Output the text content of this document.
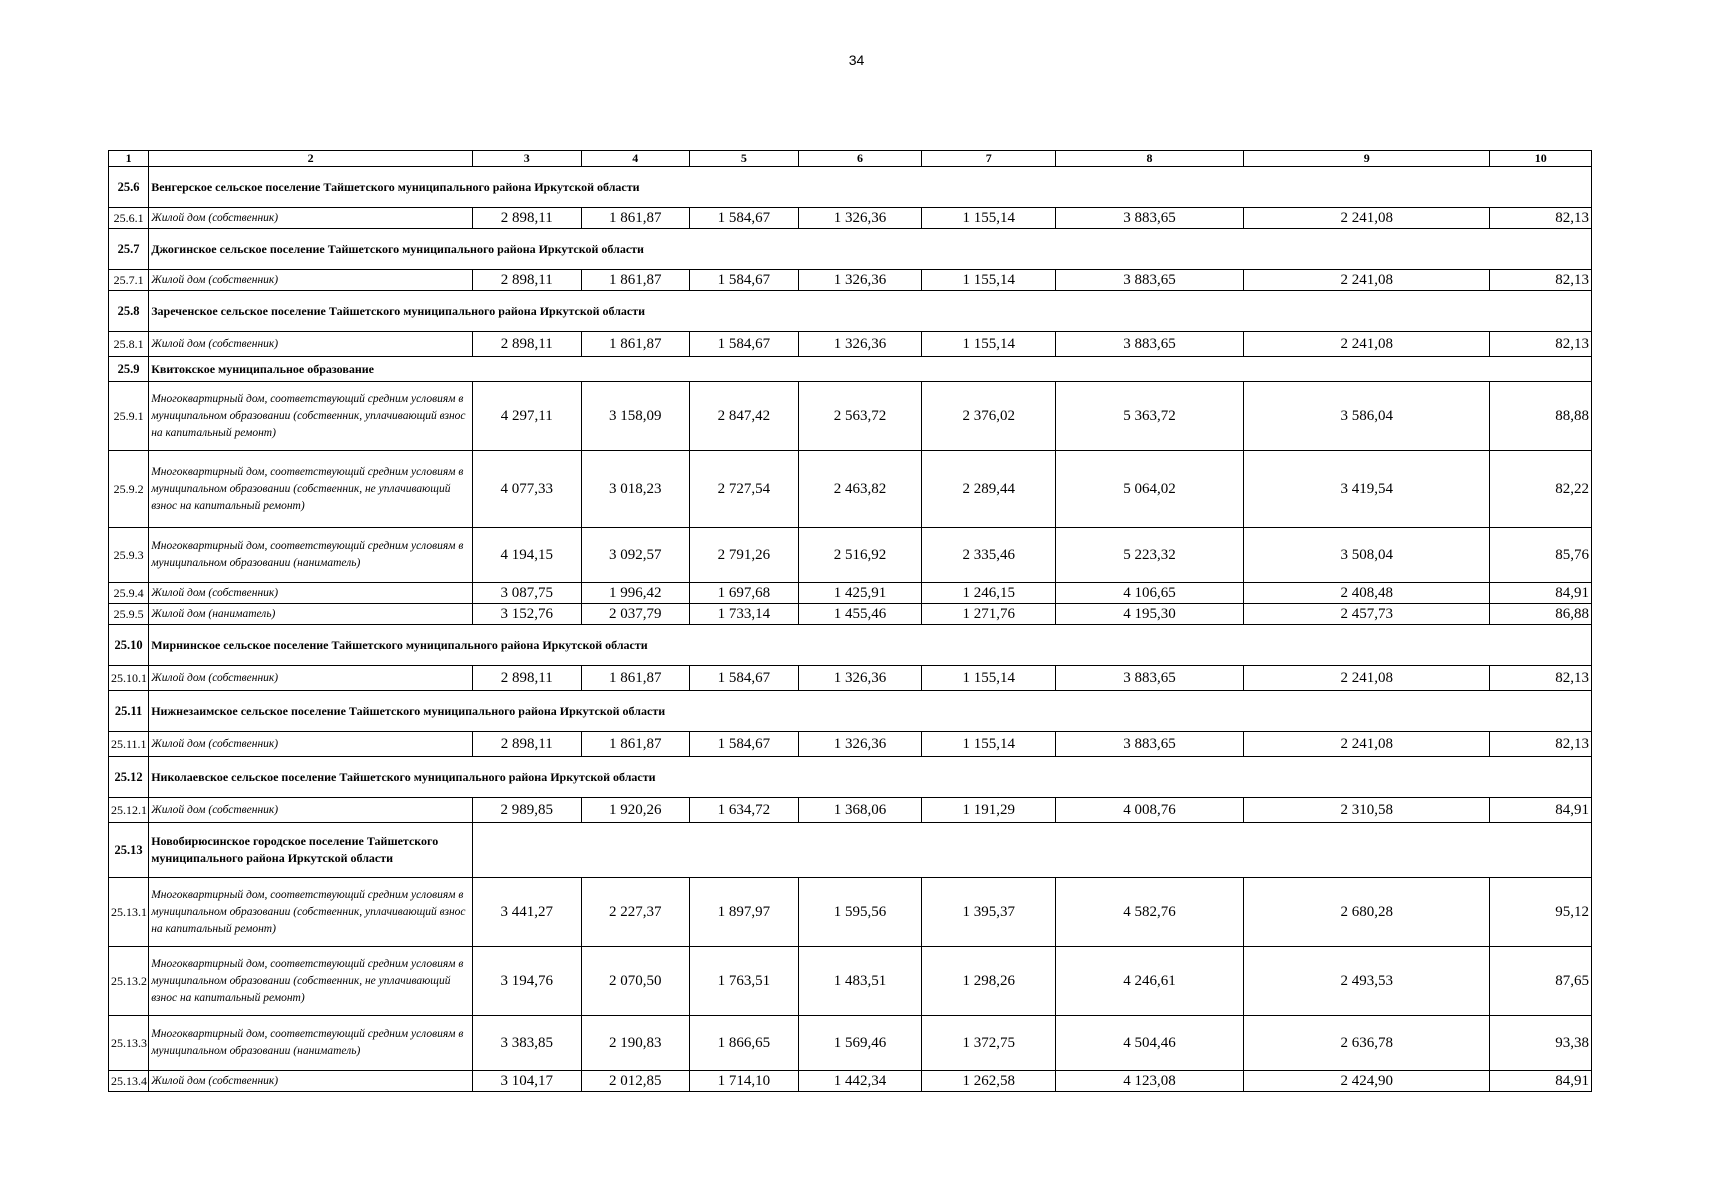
34
1	2	3	4	5	6	7	8	9	10
25.6	Венгерское сельское поселение Тайшетского муниципального района Иркутской области								
25.6.1	Жилой дом (собственник)	2 898,11	1 861,87	1 584,67	1 326,36	1 155,14	3 883,65	2 241,08	82,13
25.7	Джогинское сельское поселение Тайшетского муниципального района Иркутской области								
25.7.1	Жилой дом (собственник)	2 898,11	1 861,87	1 584,67	1 326,36	1 155,14	3 883,65	2 241,08	82,13
25.8	Зареченское сельское поселение Тайшетского муниципального района Иркутской области								
25.8.1	Жилой дом (собственник)	2 898,11	1 861,87	1 584,67	1 326,36	1 155,14	3 883,65	2 241,08	82,13
25.9	Квитокское муниципальное образование								
25.9.1	Многоквартирный дом, соответствующий средним условиям в муниципальном образовании (собственник, уплачивающий взнос на капитальный ремонт)	4 297,11	3 158,09	2 847,42	2 563,72	2 376,02	5 363,72	3 586,04	88,88
25.9.2	Многоквартирный дом, соответствующий средним условиям в муниципальном образовании (собственник, не уплачивающий взнос на капитальный ремонт)	4 077,33	3 018,23	2 727,54	2 463,82	2 289,44	5 064,02	3 419,54	82,22
25.9.3	Многоквартирный дом, соответствующий средним условиям в муниципальном образовании (наниматель)	4 194,15	3 092,57	2 791,26	2 516,92	2 335,46	5 223,32	3 508,04	85,76
25.9.4	Жилой дом (собственник)	3 087,75	1 996,42	1 697,68	1 425,91	1 246,15	4 106,65	2 408,48	84,91
25.9.5	Жилой дом (наниматель)	3 152,76	2 037,79	1 733,14	1 455,46	1 271,76	4 195,30	2 457,73	86,88
25.10	Мирнинское сельское поселение Тайшетского муниципального района Иркутской области								
25.10.1	Жилой дом (собственник)	2 898,11	1 861,87	1 584,67	1 326,36	1 155,14	3 883,65	2 241,08	82,13
25.11	Нижнезаимское сельское поселение Тайшетского муниципального района Иркутской области								
25.11.1	Жилой дом (собственник)	2 898,11	1 861,87	1 584,67	1 326,36	1 155,14	3 883,65	2 241,08	82,13
25.12	Николаевское сельское поселение Тайшетского муниципального района Иркутской области								
25.12.1	Жилой дом (собственник)	2 989,85	1 920,26	1 634,72	1 368,06	1 191,29	4 008,76	2 310,58	84,91
25.13	Новобирюсинское городское поселение Тайшетского муниципального района Иркутской области								
25.13.1	Многоквартирный дом, соответствующий средним условиям в муниципальном образовании (собственник, уплачивающий взнос на капитальный ремонт)	3 441,27	2 227,37	1 897,97	1 595,56	1 395,37	4 582,76	2 680,28	95,12
25.13.2	Многоквартирный дом, соответствующий средним условиям в муниципальном образовании (собственник, не уплачивающий взнос на капитальный ремонт)	3 194,76	2 070,50	1 763,51	1 483,51	1 298,26	4 246,61	2 493,53	87,65
25.13.3	Многоквартирный дом, соответствующий средним условиям в муниципальном образовании (наниматель)	3 383,85	2 190,83	1 866,65	1 569,46	1 372,75	4 504,46	2 636,78	93,38
25.13.4	Жилой дом (собственник)	3 104,17	2 012,85	1 714,10	1 442,34	1 262,58	4 123,08	2 424,90	84,91
